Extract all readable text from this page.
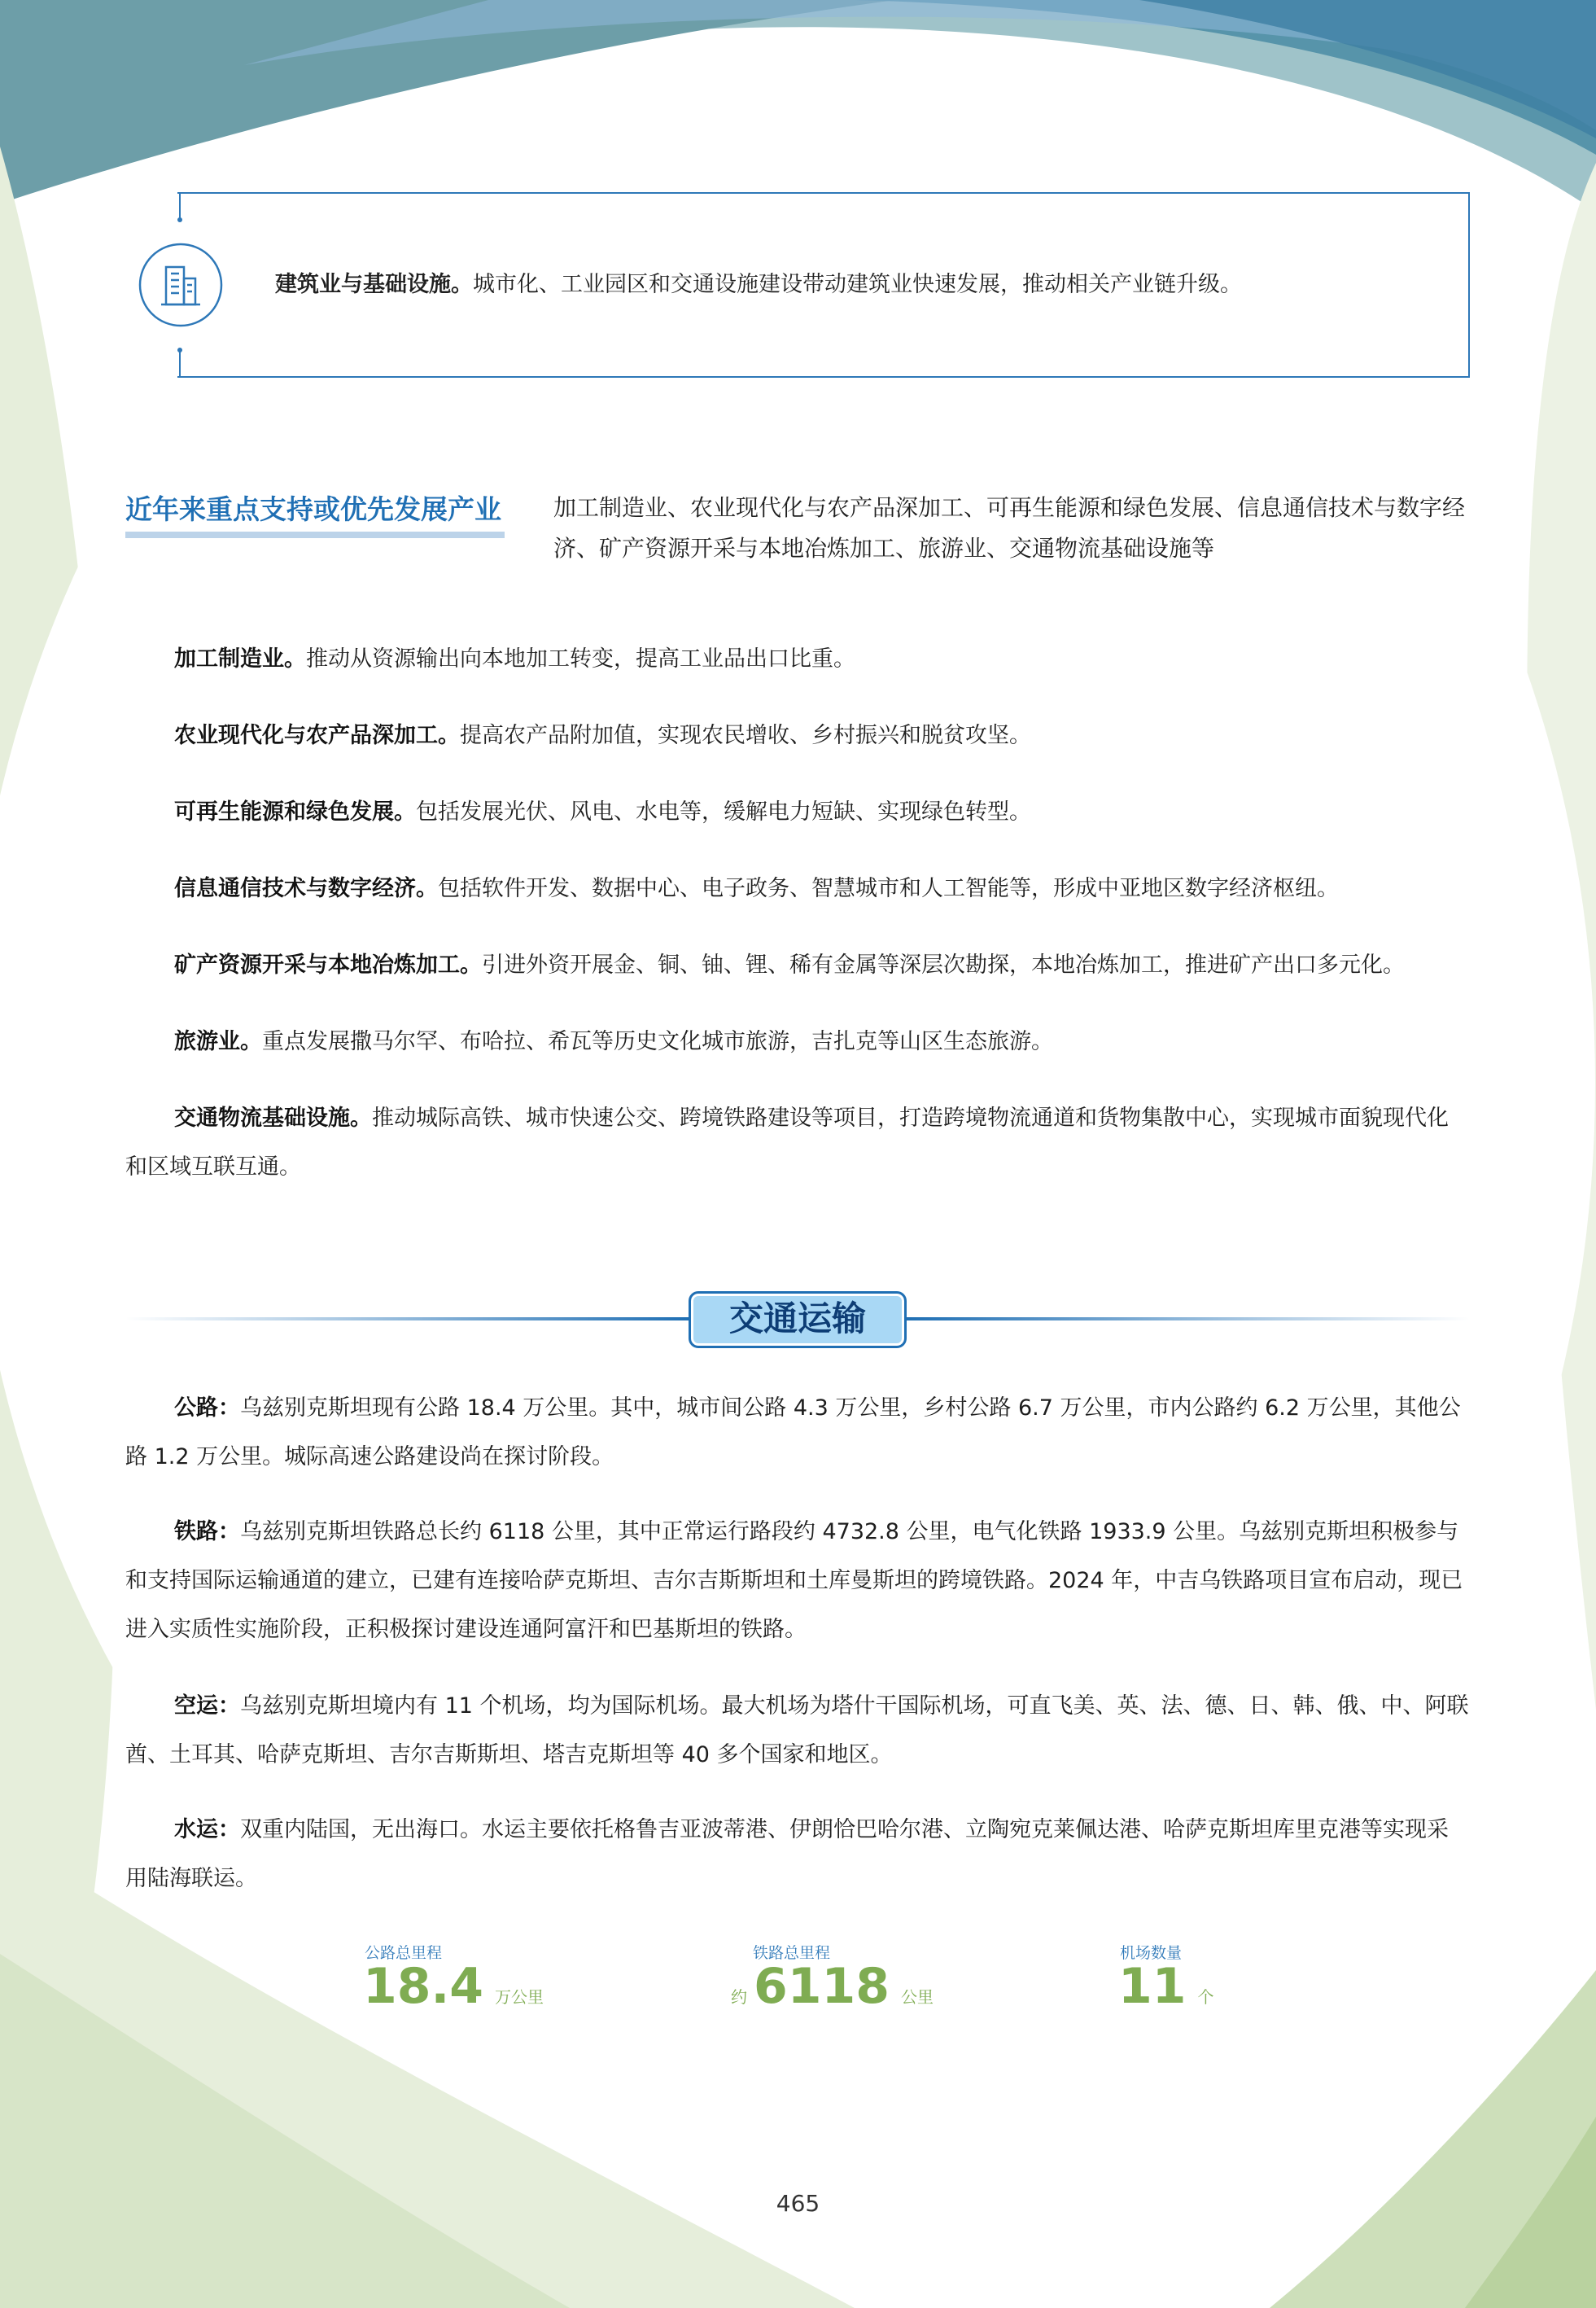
建筑业与基础设施。城市化、工业园区和交通设施建设带动建筑业快速发展，推动相关产业链升级。
近年来重点支持或优先发展产业 加工制造业、农业现代化与农产品深加工、可再生能源和绿色发展、信息通信技术与数字经济、矿产资源开采与本地冶炼加工、旅游业、交通物流基础设施等
加工制造业。推动从资源输出向本地加工转变，提高工业品出口比重。
农业现代化与农产品深加工。提高农产品附加值，实现农民增收、乡村振兴和脱贫攻坚。
可再生能源和绿色发展。包括发展光伏、风电、水电等，缓解电力短缺、实现绿色转型。
信息通信技术与数字经济。包括软件开发、数据中心、电子政务、智慧城市和人工智能等，形成中亚地区数字经济枢纽。
矿产资源开采与本地冶炼加工。引进外资开展金、铜、铀、锂、稀有金属等深层次勘探，本地冶炼加工，推进矿产出口多元化。
旅游业。重点发展撒马尔罕、布哈拉、希瓦等历史文化城市旅游，吉扎克等山区生态旅游。
交通物流基础设施。推动城际高铁、城市快速公交、跨境铁路建设等项目，打造跨境物流通道和货物集散中心，实现城市面貌现代化和区域互联互通。
交通运输
公路：乌兹别克斯坦现有公路 18.4 万公里。其中，城市间公路 4.3 万公里，乡村公路 6.7 万公里，市内公路约 6.2 万公里，其他公路 1.2 万公里。城际高速公路建设尚在探讨阶段。
铁路：乌兹别克斯坦铁路总长约 6118 公里，其中正常运行路段约 4732.8 公里，电气化铁路 1933.9 公里。乌兹别克斯坦积极参与和支持国际运输通道的建立，已建有连接哈萨克斯坦、吉尔吉斯斯坦和土库曼斯坦的跨境铁路。2024 年，中吉乌铁路项目宣布启动，现已进入实质性实施阶段，正积极探讨建设连通阿富汗和巴基斯坦的铁路。
空运：乌兹别克斯坦境内有 11 个机场，均为国际机场。最大机场为塔什干国际机场，可直飞美、英、法、德、日、韩、俄、中、阿联酋、土耳其、哈萨克斯坦、吉尔吉斯斯坦、塔吉克斯坦等 40 多个国家和地区。
水运：双重内陆国，无出海口。水运主要依托格鲁吉亚波蒂港、伊朗恰巴哈尔港、立陶宛克莱佩达港、哈萨克斯坦库里克港等实现采用陆海联运。
公路总里程
18.4 万公里
铁路总里程
约 6118 公里
机场数量
11 个
465
